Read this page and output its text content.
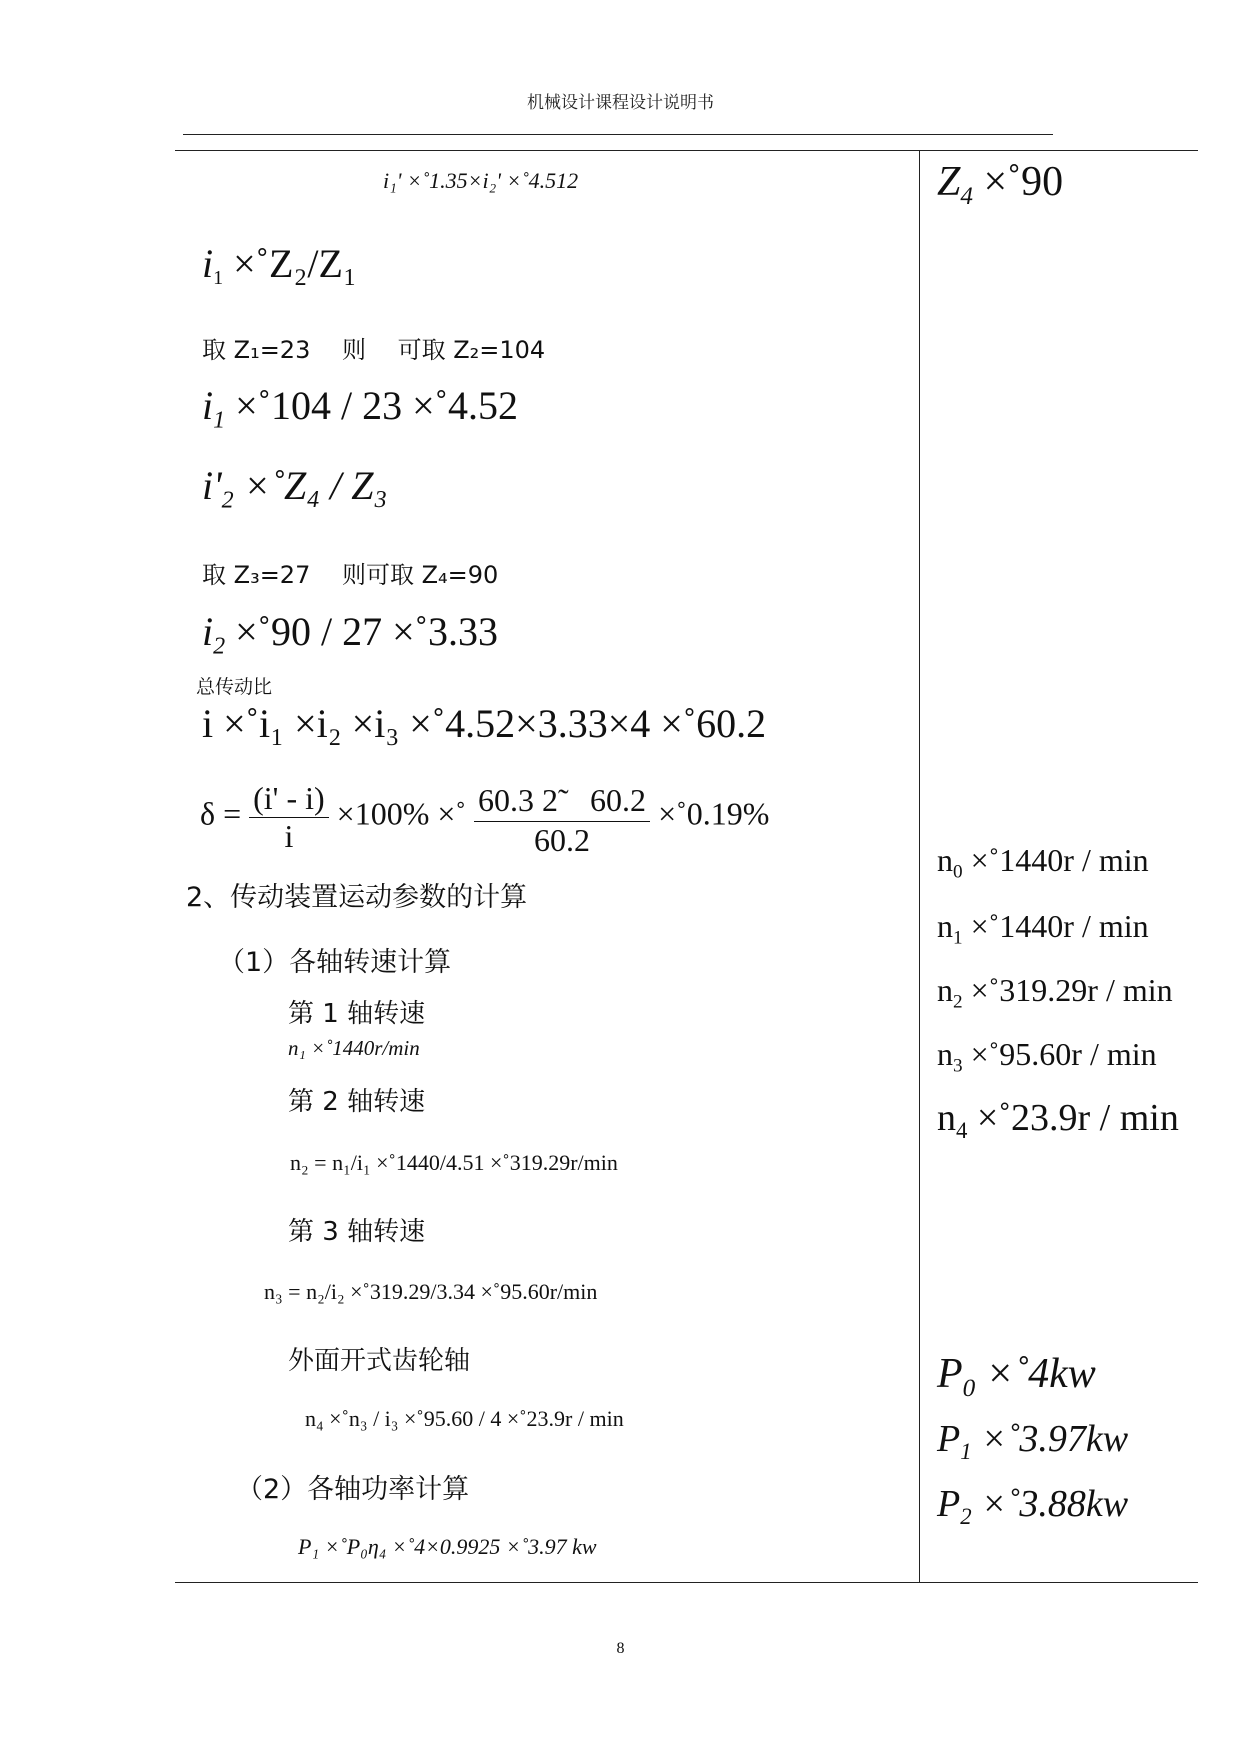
机械设计课程设计说明书
i₁' ×˚1.35×i₂' ×˚4.512
$i_1$ ×˚Z₂/Z₁
取 Z₁=23　 则　 可取 Z₂=104
$i_1$ ×˚104 / 23 ×˚4.52
$i'_2$ ×˚Z₄ / Z₃
取 Z₃=27　 则可取 Z₄=90
$i_2$ ×˚90 / 27 ×˚3.33
总传动比
i ×˚i₁ ×i₂ ×i₃ ×˚4.52×3.33×4 ×˚60.2
$\delta = \frac{(i' - i)}{i} \times 100\%$ ×˚ $\frac{60.3 2̃ 60.2}{60.2}$ ×˚0.19%
2、传动装置运动参数的计算
（1）各轴转速计算
第 1 轴转速
n₁ ×˚1440r/min
第 2 轴转速
n₂ = n₁/i₁ ×˚1440/4.51 ×˚319.29r/min
第 3 轴转速
n₃ = n₂/i₂ ×˚319.29/3.34 ×˚95.60r/min
外面开式齿轮轴
n₄ ×˚n₃ / i₃ ×˚95.60 / 4 ×˚23.9r / min
（2）各轴功率计算
P₁ ×˚P₀η₄ ×˚4×0.9925 ×˚3.97 kw
$Z_4$ ×˚90
$n_0$ ×˚1440r / min
$n_1$ ×˚1440r / min
$n_2$ ×˚319.29r / min
$n_3$ ×˚95.60r / min
$n_4$ ×˚23.9r / min
$P_0$ ×˚4kw
$P_1$ ×˚3.97kw
$P_2$ ×˚3.88kw
8
